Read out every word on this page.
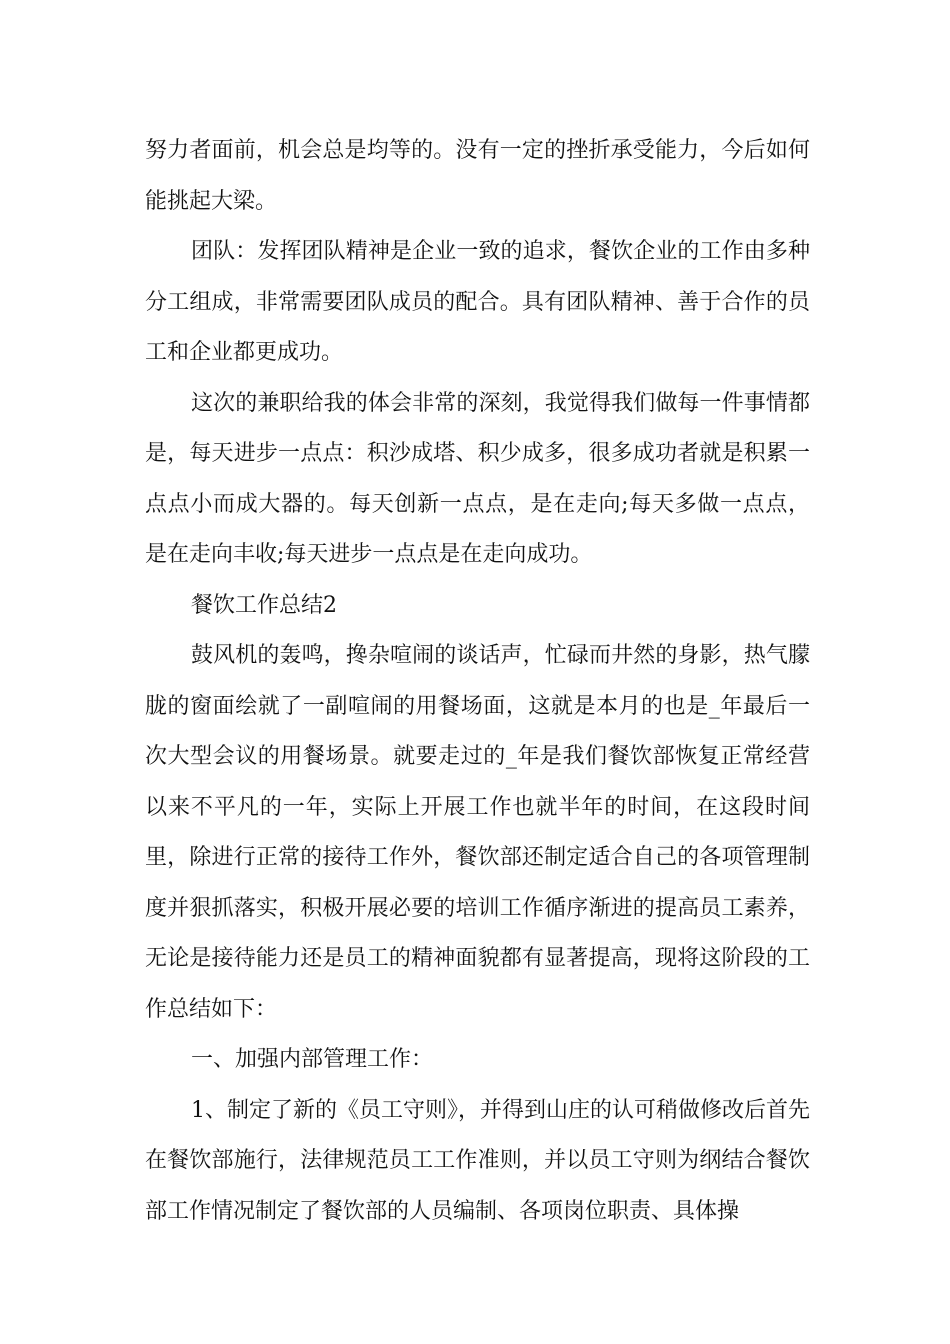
努力者面前，机会总是均等的。没有一定的挫折承受能力，今后如何能挑起大梁。

团队：发挥团队精神是企业一致的追求，餐饮企业的工作由多种分工组成，非常需要团队成员的配合。具有团队精神、善于合作的员工和企业都更成功。

这次的兼职给我的体会非常的深刻，我觉得我们做每一件事情都是，每天进步一点点：积沙成塔、积少成多，很多成功者就是积累一点点小而成大器的。每天创新一点点，是在走向;每天多做一点点，是在走向丰收;每天进步一点点是在走向成功。

餐饮工作总结2

鼓风机的轰鸣，搀杂喧闹的谈话声，忙碌而井然的身影，热气朦胧的窗面绘就了一副喧闹的用餐场面，这就是本月的也是_年最后一次大型会议的用餐场景。就要走过的_年是我们餐饮部恢复正常经营以来不平凡的一年，实际上开展工作也就半年的时间，在这段时间里，除进行正常的接待工作外，餐饮部还制定适合自己的各项管理制度并狠抓落实，积极开展必要的培训工作循序渐进的提高员工素养，无论是接待能力还是员工的精神面貌都有显著提高，现将这阶段的工作总结如下：

一、加强内部管理工作：

1、制定了新的《员工守则》，并得到山庄的认可稍做修改后首先在餐饮部施行，法律规范员工工作准则，并以员工守则为纲结合餐饮部工作情况制定了餐饮部的人员编制、各项岗位职责、具体操
